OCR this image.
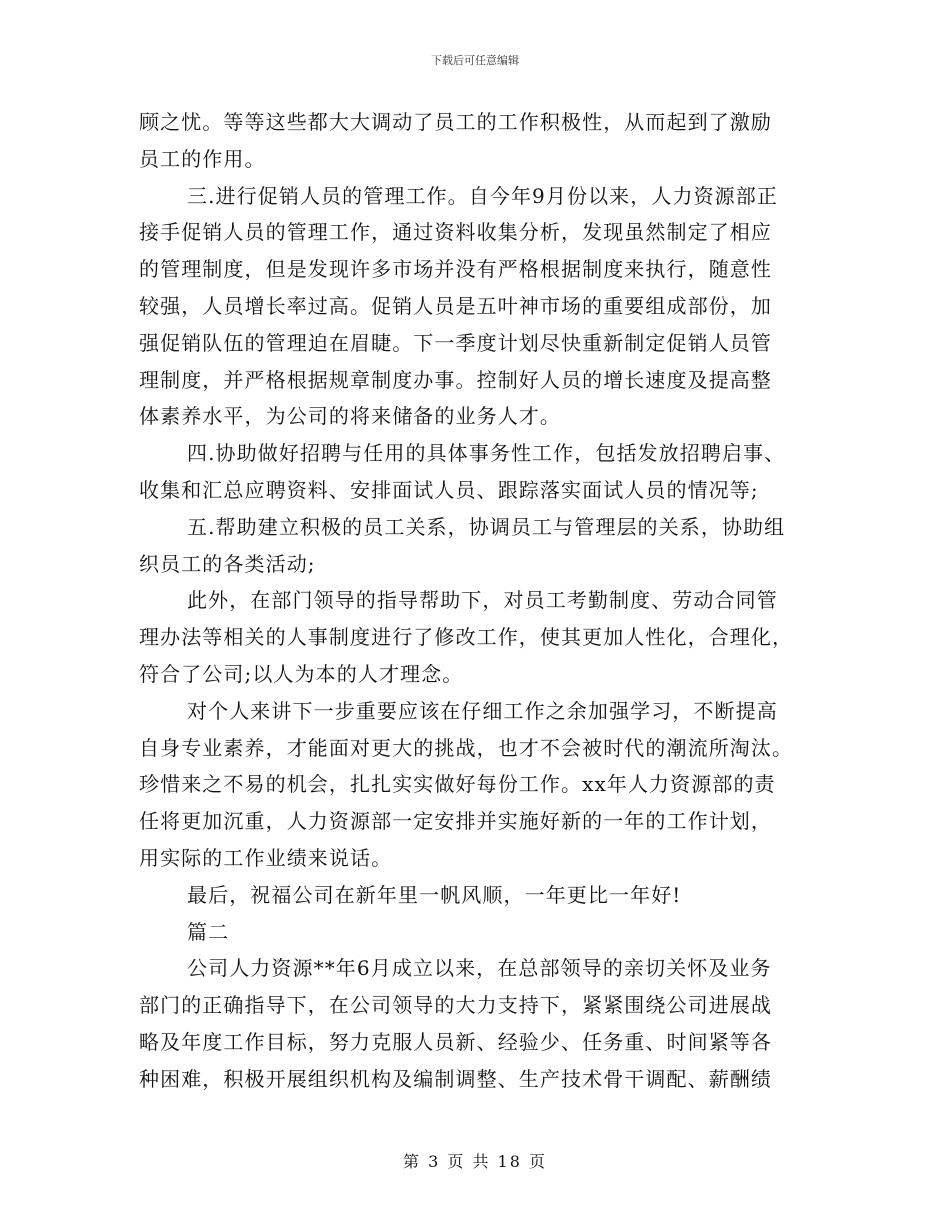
下载后可任意编辑
顾之忧。等等这些都大大调动了员工的工作积极性，从而起到了激励
员工的作用。
三.进行促销人员的管理工作。自今年9月份以来，人力资源部正
接手促销人员的管理工作，通过资料收集分析，发现虽然制定了相应
的管理制度，但是发现许多市场并没有严格根据制度来执行，随意性
较强，人员增长率过高。促销人员是五叶神市场的重要组成部份，加
强促销队伍的管理迫在眉睫。下一季度计划尽快重新制定促销人员管
理制度，并严格根据规章制度办事。控制好人员的增长速度及提高整
体素养水平，为公司的将来储备的业务人才。
四.协助做好招聘与任用的具体事务性工作，包括发放招聘启事、
收集和汇总应聘资料、安排面试人员、跟踪落实面试人员的情况等;
五.帮助建立积极的员工关系，协调员工与管理层的关系，协助组
织员工的各类活动;
此外，在部门领导的指导帮助下，对员工考勤制度、劳动合同管
理办法等相关的人事制度进行了修改工作，使其更加人性化，合理化，
符合了公司;以人为本的人才理念。
对个人来讲下一步重要应该在仔细工作之余加强学习，不断提高
自身专业素养，才能面对更大的挑战，也才不会被时代的潮流所淘汰。
珍惜来之不易的机会，扎扎实实做好每份工作。xx年人力资源部的责
任将更加沉重，人力资源部一定安排并实施好新的一年的工作计划，
用实际的工作业绩来说话。
最后，祝福公司在新年里一帆风顺，一年更比一年好!
篇二
公司人力资源**年6月成立以来，在总部领导的亲切关怀及业务
部门的正确指导下，在公司领导的大力支持下，紧紧围绕公司进展战
略及年度工作目标，努力克服人员新、经验少、任务重、时间紧等各
种困难，积极开展组织机构及编制调整、生产技术骨干调配、薪酬绩
第 3 页 共 18 页
